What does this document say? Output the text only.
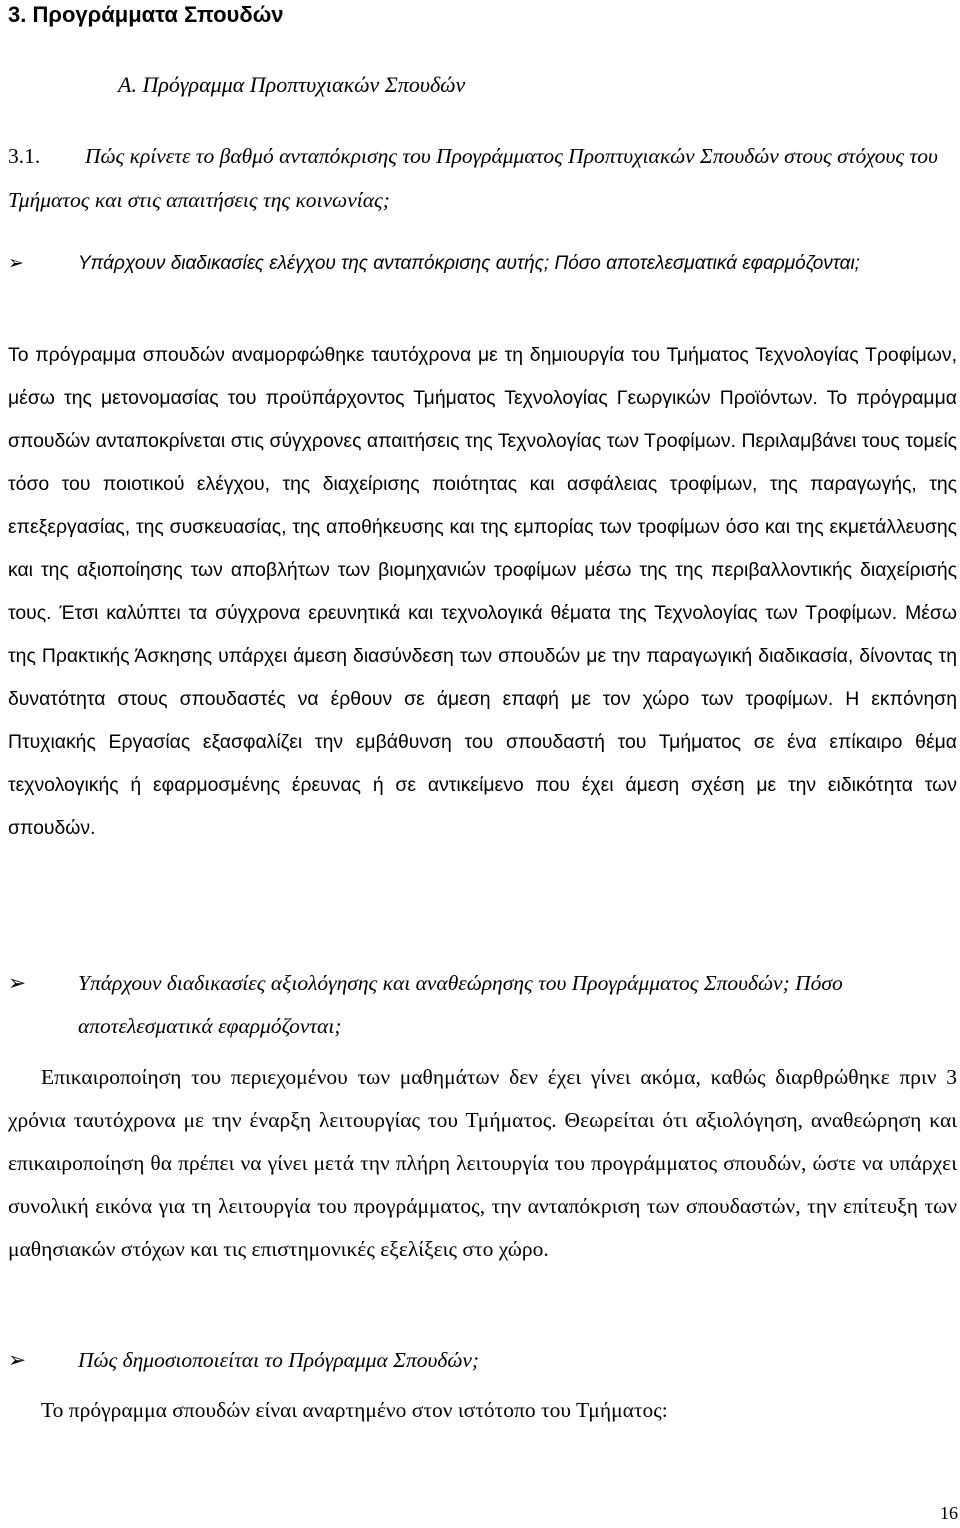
3. Προγράμματα Σπουδών
Α. Πρόγραμμα Προπτυχιακών Σπουδών
3.1. Πώς κρίνετε το βαθμό ανταπόκρισης του Προγράμματος Προπτυχιακών Σπουδών στους στόχους του Τμήματος και στις απαιτήσεις της κοινωνίας;
➢	Υπάρχουν διαδικασίες ελέγχου της ανταπόκρισης αυτής; Πόσο αποτελεσματικά εφαρμόζονται;
Το πρόγραμμα σπουδών αναμορφώθηκε ταυτόχρονα με τη δημιουργία του Τμήματος Τεχνολογίας Τροφίμων, μέσω της μετονομασίας του προϋπάρχοντος Τμήματος Τεχνολογίας Γεωργικών Προϊόντων. Το πρόγραμμα σπουδών ανταποκρίνεται στις σύγχρονες απαιτήσεις της Τεχνολογίας των Τροφίμων. Περιλαμβάνει τους τομείς τόσο του ποιοτικού ελέγχου, της διαχείρισης ποιότητας και ασφάλειας τροφίμων, της παραγωγής, της επεξεργασίας, της συσκευασίας, της αποθήκευσης και της εμπορίας των τροφίμων όσο και της εκμετάλλευσης και της αξιοποίησης των αποβλήτων των βιομηχανιών τροφίμων μέσω της της περιβαλλοντικής διαχείρισής τους. Έτσι καλύπτει τα σύγχρονα ερευνητικά και τεχνολογικά θέματα της Τεχνολογίας των Τροφίμων. Μέσω της Πρακτικής Άσκησης υπάρχει άμεση διασύνδεση των σπουδών με την παραγωγική διαδικασία, δίνοντας τη δυνατότητα στους σπουδαστές να έρθουν σε άμεση επαφή με τον χώρο των τροφίμων. Η εκπόνηση Πτυχιακής Εργασίας εξασφαλίζει την εμβάθυνση του σπουδαστή του Τμήματος σε ένα επίκαιρο θέμα τεχνολογικής ή εφαρμοσμένης έρευνας ή σε αντικείμενο που έχει άμεση σχέση με την ειδικότητα των σπουδών.
➢	Υπάρχουν διαδικασίες αξιολόγησης και αναθεώρησης του Προγράμματος Σπουδών; Πόσο αποτελεσματικά εφαρμόζονται;
Επικαιροποίηση του περιεχομένου των μαθημάτων δεν έχει γίνει ακόμα, καθώς διαρθρώθηκε πριν 3 χρόνια ταυτόχρονα με την έναρξη λειτουργίας του Τμήματος. Θεωρείται ότι αξιολόγηση, αναθεώρηση και επικαιροποίηση θα πρέπει να γίνει μετά την πλήρη λειτουργία του προγράμματος σπουδών, ώστε να υπάρχει συνολική εικόνα για τη λειτουργία του προγράμματος, την ανταπόκριση των σπουδαστών, την επίτευξη των μαθησιακών στόχων και τις επιστημονικές εξελίξεις στο χώρο.
➢	Πώς δημοσιοποιείται το Πρόγραμμα Σπουδών;
Το πρόγραμμα σπουδών είναι αναρτημένο στον ιστότοπο του Τμήματος:
16
